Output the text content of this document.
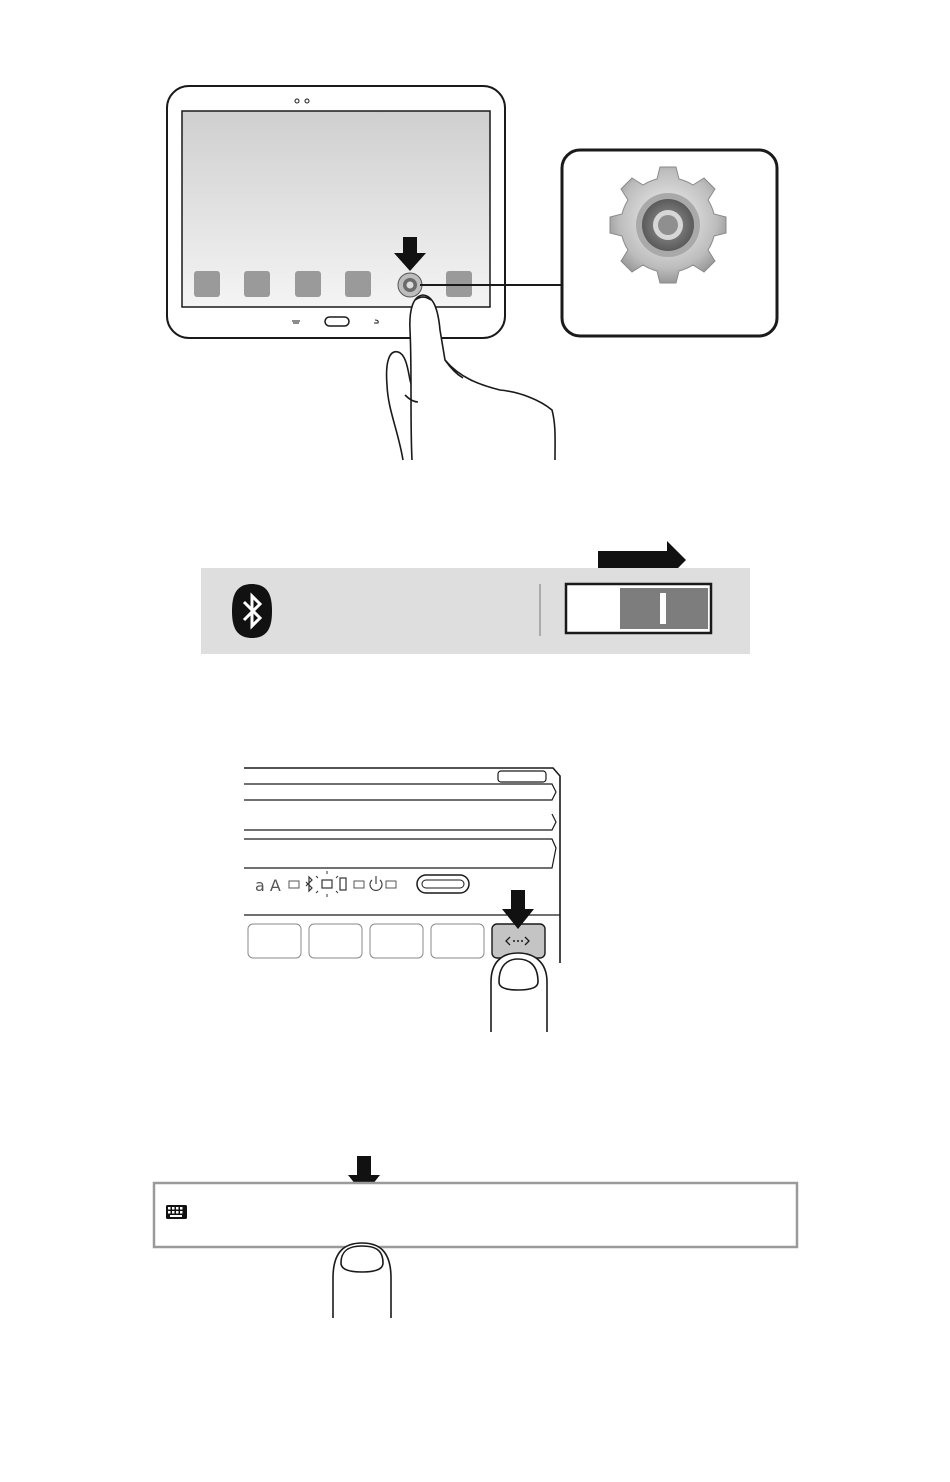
a A
